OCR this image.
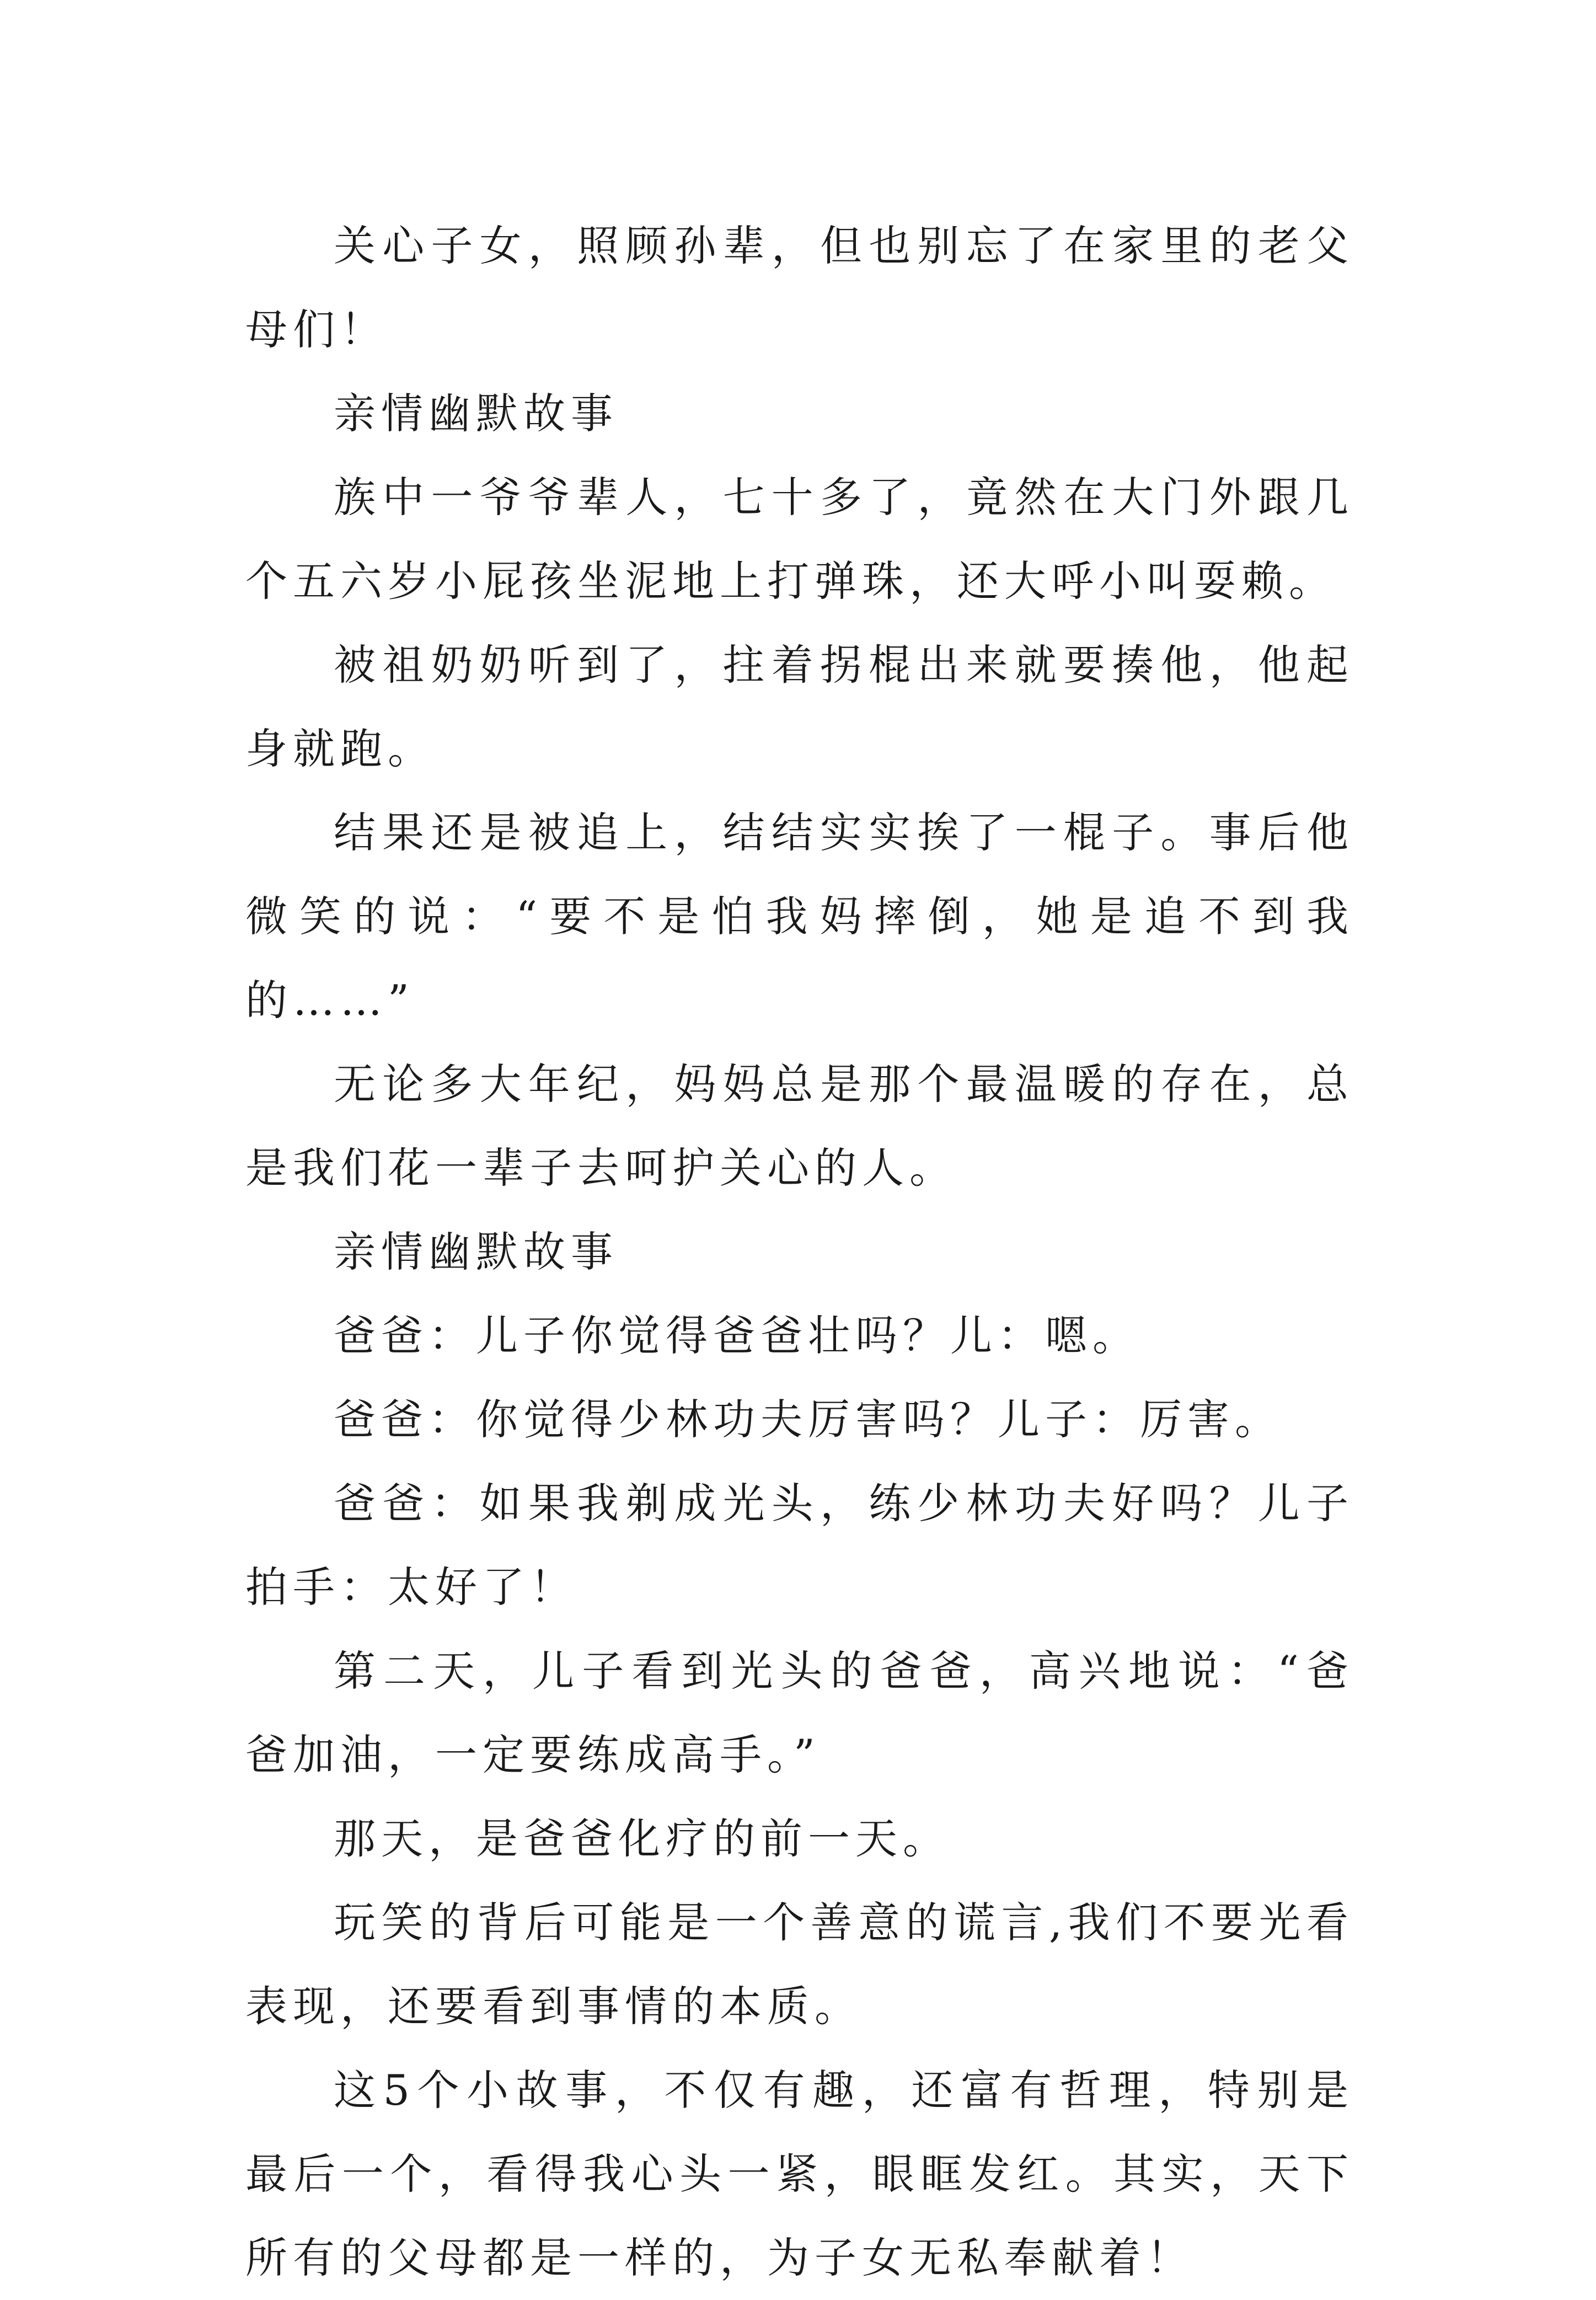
关心子女，照顾孙辈，但也别忘了在家里的老父母们！

亲情幽默故事

族中一爷爷辈人，七十多了，竟然在大门外跟几个五六岁小屁孩坐泥地上打弹珠，还大呼小叫耍赖。

被祖奶奶听到了，拄着拐棍出来就要揍他，他起身就跑。

结果还是被追上，结结实实挨了一棍子。事后他微笑的说：“要不是怕我妈摔倒，她是追不到我的……”

无论多大年纪，妈妈总是那个最温暖的存在，总是我们花一辈子去呵护关心的人。

亲情幽默故事

爸爸：儿子你觉得爸爸壮吗？儿：嗯。

爸爸：你觉得少林功夫厉害吗？儿子：厉害。

爸爸：如果我剃成光头，练少林功夫好吗？儿子拍手：太好了！

第二天，儿子看到光头的爸爸，高兴地说：“爸爸加油，一定要练成高手。”

那天，是爸爸化疗的前一天。

玩笑的背后可能是一个善意的谎言,我们不要光看表现，还要看到事情的本质。

这5个小故事，不仅有趣，还富有哲理，特别是最后一个，看得我心头一紧，眼眶发红。其实，天下所有的父母都是一样的，为子女无私奉献着！
